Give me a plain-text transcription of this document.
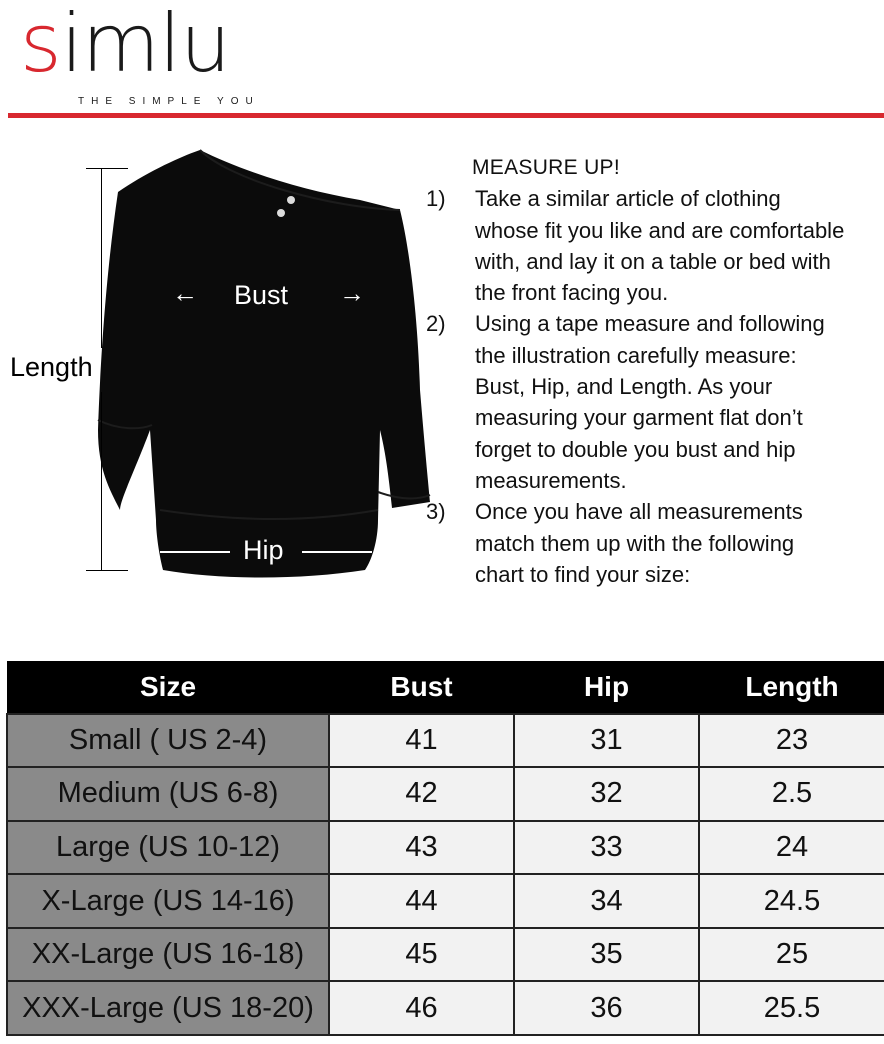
simlu
THE SIMPLE YOU
Length
←	Bust	→
Hip
MEASURE UP!
1)	Take a similar article of clothing whose fit you like and are comfortable with, and lay it on a table or bed with the front facing you.
2)	Using a tape measure and following the illustration carefully measure: Bust, Hip, and Length. As your measuring your garment flat don’t forget to double you bust and hip measurements.
3)	Once you have all measurements match them up with the following chart to find your size:
Size	Bust	Hip	Length
Small ( US 2-4)	41	31	23
Medium (US 6-8)	42	32	2.5
Large (US 10-12)	43	33	24
X-Large (US 14-16)	44	34	24.5
XX-Large (US 16-18)	45	35	25
XXX-Large (US 18-20)	46	36	25.5
